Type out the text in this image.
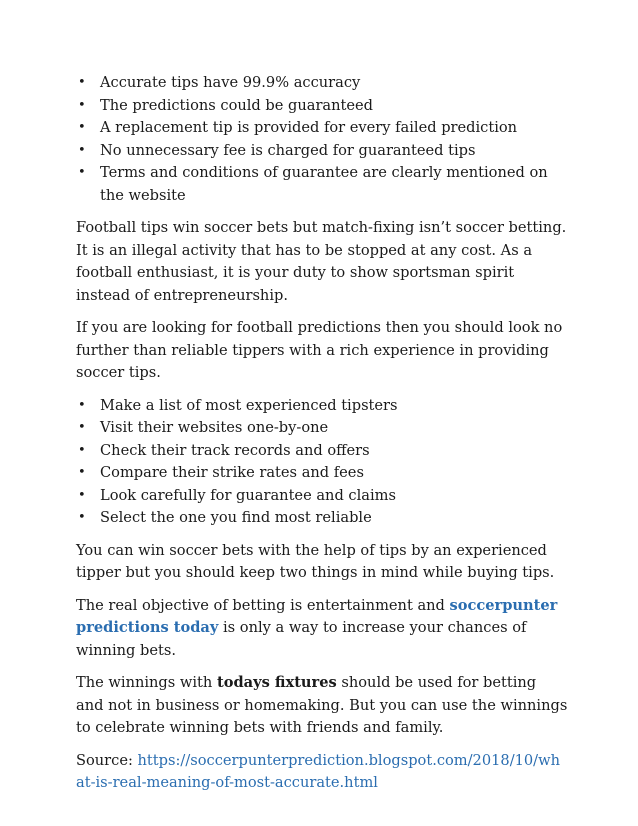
• Accurate tips have 99.9% accuracy
• The predictions could be guaranteed
• A replacement tip is provided for every failed prediction
• No unnecessary fee is charged for guaranteed tips
• Terms and conditions of guarantee are clearly mentioned on the website

Football tips win soccer bets but match-fixing isn’t soccer betting. It is an illegal activity that has to be stopped at any cost. As a football enthusiast, it is your duty to show sportsman spirit instead of entrepreneurship.

If you are looking for football predictions then you should look no further than reliable tippers with a rich experience in providing soccer tips.

• Make a list of most experienced tipsters
• Visit their websites one-by-one
• Check their track records and offers
• Compare their strike rates and fees
• Look carefully for guarantee and claims
• Select the one you find most reliable

You can win soccer bets with the help of tips by an experienced tipper but you should keep two things in mind while buying tips.

The real objective of betting is entertainment and soccerpunter predictions today is only a way to increase your chances of winning bets.

The winnings with todays fixtures should be used for betting and not in business or homemaking. But you can use the winnings to celebrate winning bets with friends and family.

Source: https://soccerpunterprediction.blogspot.com/2018/10/what-is-real-meaning-of-most-accurate.html
